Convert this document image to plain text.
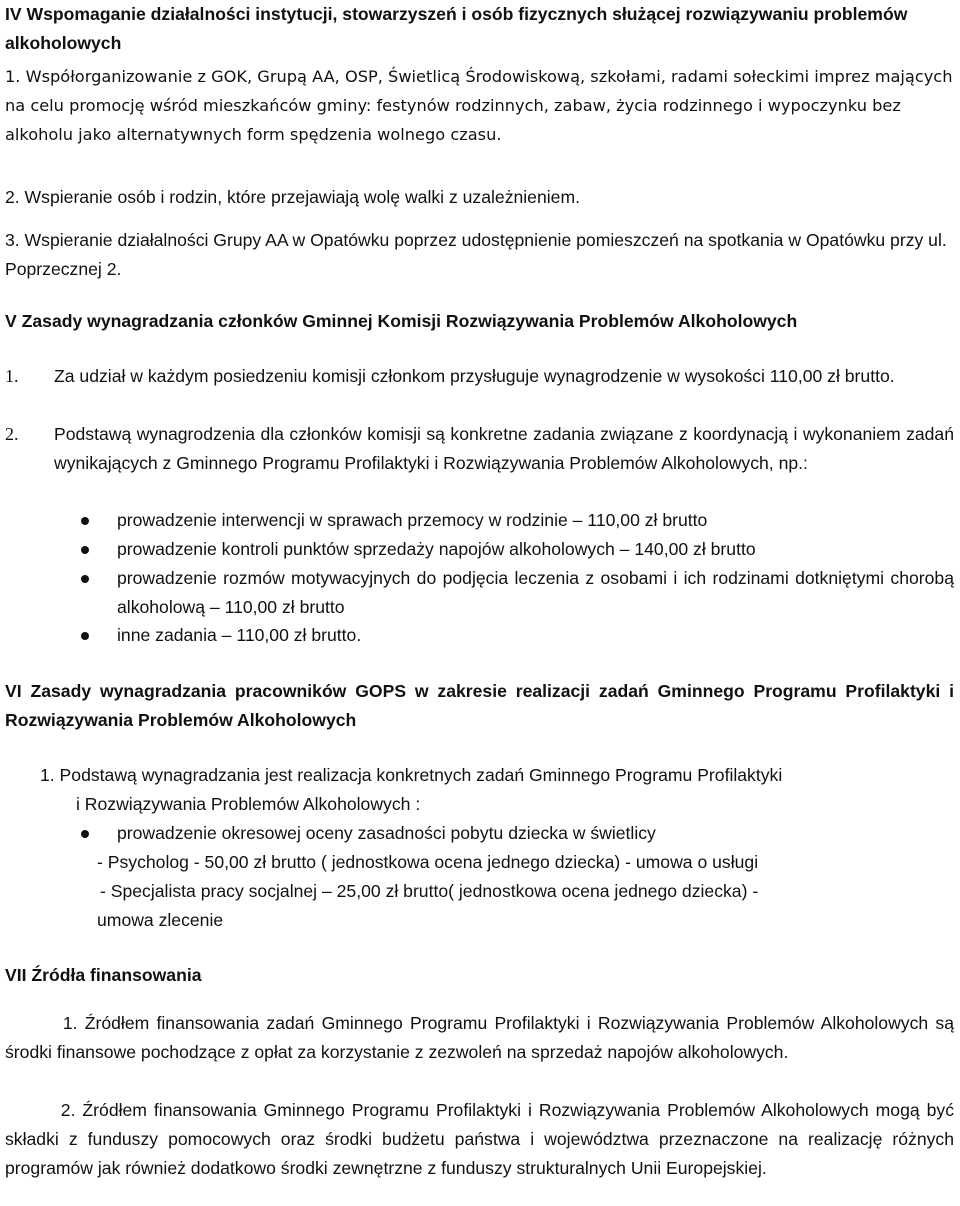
IV Wspomaganie działalności instytucji, stowarzyszeń i osób fizycznych służącej rozwiązywaniu problemów alkoholowych

1. Współorganizowanie z GOK, Grupą AA, OSP, Świetlicą Środowiskową, szkołami, radami sołeckimi imprez mających na celu promocję wśród mieszkańców gminy: festynów rodzinnych, zabaw, życia rodzinnego i wypoczynku bez alkoholu jako alternatywnych form spędzenia wolnego czasu.

2. Wspieranie osób i rodzin, które przejawiają wolę walki z uzależnieniem.

3. Wspieranie działalności Grupy AA w Opatówku poprzez udostępnienie pomieszczeń na spotkania w Opatówku przy ul. Poprzecznej 2.

V Zasady wynagradzania członków Gminnej Komisji Rozwiązywania Problemów Alkoholowych

1. Za udział w każdym posiedzeniu komisji członkom przysługuje wynagrodzenie w wysokości 110,00 zł brutto.
2. Podstawą wynagrodzenia dla członków komisji są konkretne zadania związane z koordynacją i wykonaniem zadań wynikających z Gminnego Programu Profilaktyki i Rozwiązywania Problemów Alkoholowych, np.:
prowadzenie interwencji w sprawach przemocy w rodzinie – 110,00 zł brutto
prowadzenie kontroli punktów sprzedaży napojów alkoholowych – 140,00 zł brutto
prowadzenie rozmów motywacyjnych do podjęcia leczenia z osobami i ich rodzinami dotkniętymi chorobą alkoholową – 110,00 zł brutto
inne zadania – 110,00 zł brutto.

VI Zasady wynagradzania pracowników GOPS w zakresie realizacji zadań Gminnego Programu Profilaktyki i Rozwiązywania Problemów Alkoholowych

1. Podstawą wynagradzania jest realizacja konkretnych zadań Gminnego Programu Profilaktyki
i Rozwiązywania Problemów Alkoholowych :
prowadzenie okresowej oceny zasadności pobytu dziecka w świetlicy
- Psycholog - 50,00 zł brutto ( jednostkowa ocena jednego dziecka) - umowa o usługi
- Specjalista pracy socjalnej – 25,00 zł brutto( jednostkowa ocena jednego dziecka) -
umowa zlecenie

VII Źródła finansowania

1. Źródłem finansowania zadań Gminnego Programu Profilaktyki i Rozwiązywania Problemów Alkoholowych są środki finansowe pochodzące z opłat za korzystanie z zezwoleń na sprzedaż napojów alkoholowych.

2. Źródłem finansowania Gminnego Programu Profilaktyki i Rozwiązywania Problemów Alkoholowych mogą być składki z funduszy pomocowych oraz środki budżetu państwa i województwa przeznaczone na realizację różnych programów jak również dodatkowo środki zewnętrzne z funduszy strukturalnych Unii Europejskiej.
